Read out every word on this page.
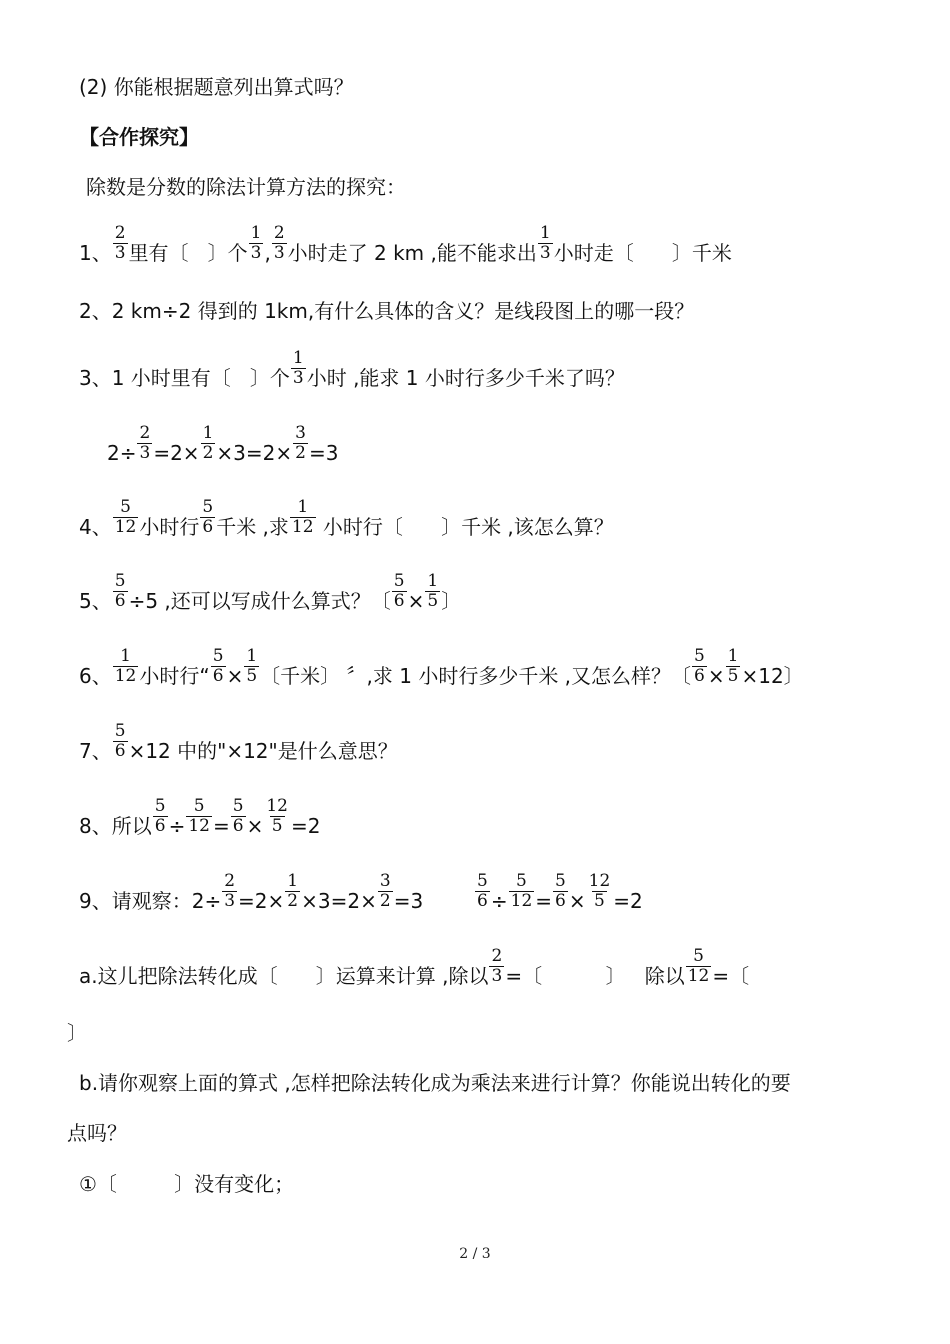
(2) 你能根据题意列出算式吗？
【合作探究】
除数是分数的除法计算方法的探究：
1、 $\frac{2}{3}$ 里有〔   〕个 $\frac{1}{3}$ , $\frac{2}{3}$ 小时走了 2 km ,能不能求出 $\frac{1}{3}$ 小时走〔      〕千米
2、2 km÷2 得到的 1km,有什么具体的含义？是线段图上的哪一段？
3、1 小时里有〔   〕个 $\frac{1}{3}$ 小时 ,能求 1 小时行多少千米了吗？
$2\div \frac{2}{3} =2\times \frac{1}{2} \times 3=2\times \frac{3}{2} =3$
4、 $\frac{5}{12}$ 小时行 $\frac{5}{6}$ 千米 ,求 $\frac{1}{12}$ 小时行〔      〕千米 ,该怎么算？
5、 $\frac{5}{6} \div 5$ ,还可以写成什么算式？〔 $\frac{5}{6} \times \frac{1}{5}$ 〕
6、 $\frac{1}{12}$ 小时行“ $\frac{5}{6} \times \frac{1}{5}$ 〔千米〕 〞,求 1 小时行多少千米 ,又怎么样？〔 $\frac{5}{6} \times \frac{1}{5} \times 12$〕
7、 $\frac{5}{6} \times 12$ 中的"×12"是什么意思？
8、所以 $\frac{5}{6} \div \frac{5}{12} = \frac{5}{6} \times \frac{12}{5} =2$
9、请观察：$2\div \frac{2}{3} =2\times \frac{1}{2} \times 3=2\times \frac{3}{2} =3 \frac{5}{6} \div \frac{5}{12} = \frac{5}{6} \times \frac{12}{5} =2$
a.这儿把除法转化成〔      〕运算来计算 ,除以 $\frac{2}{3}$ =〔          〕   除以 $\frac{5}{12}$ =〔
〕
b.请你观察上面的算式 ,怎样把除法转化成为乘法来进行计算？你能说出转化的要
点吗？
①〔         〕没有变化；
2 / 3
